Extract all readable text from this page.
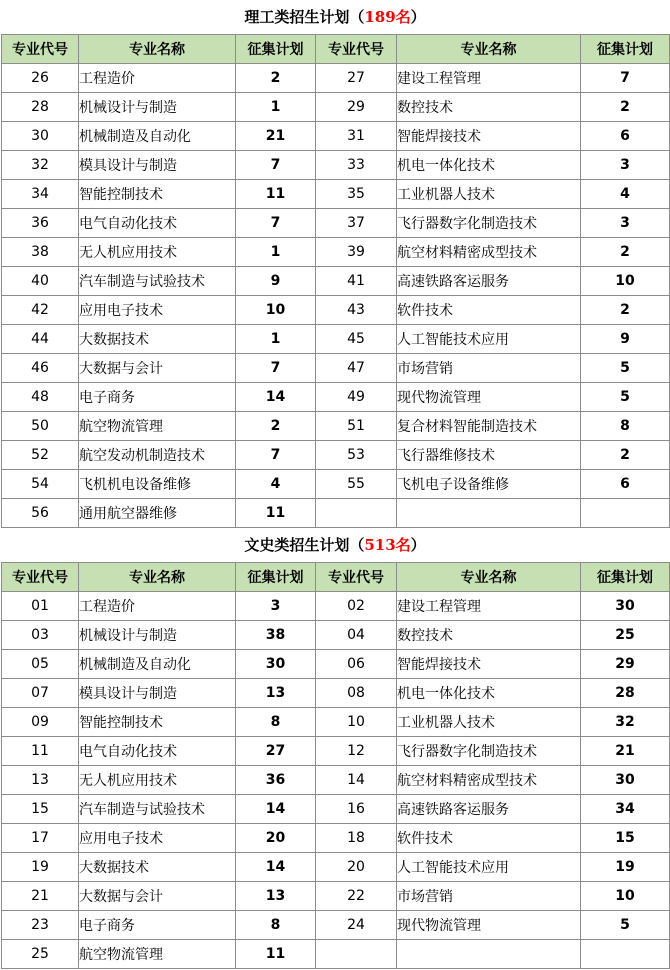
理工类招生计划（189名）
专业代号	专业名称	征集计划	专业代号	专业名称	征集计划
26	工程造价	2	27	建设工程管理	7
28	机械设计与制造	1	29	数控技术	2
30	机械制造及自动化	21	31	智能焊接技术	6
32	模具设计与制造	7	33	机电一体化技术	3
34	智能控制技术	11	35	工业机器人技术	4
36	电气自动化技术	7	37	飞行器数字化制造技术	3
38	无人机应用技术	1	39	航空材料精密成型技术	2
40	汽车制造与试验技术	9	41	高速铁路客运服务	10
42	应用电子技术	10	43	软件技术	2
44	大数据技术	1	45	人工智能技术应用	9
46	大数据与会计	7	47	市场营销	5
48	电子商务	14	49	现代物流管理	5
50	航空物流管理	2	51	复合材料智能制造技术	8
52	航空发动机制造技术	7	53	飞行器维修技术	2
54	飞机机电设备维修	4	55	飞机电子设备维修	6
56	通用航空器维修	11			
文史类招生计划（513名）
专业代号	专业名称	征集计划	专业代号	专业名称	征集计划
01	工程造价	3	02	建设工程管理	30
03	机械设计与制造	38	04	数控技术	25
05	机械制造及自动化	30	06	智能焊接技术	29
07	模具设计与制造	13	08	机电一体化技术	28
09	智能控制技术	8	10	工业机器人技术	32
11	电气自动化技术	27	12	飞行器数字化制造技术	21
13	无人机应用技术	36	14	航空材料精密成型技术	30
15	汽车制造与试验技术	14	16	高速铁路客运服务	34
17	应用电子技术	20	18	软件技术	15
19	大数据技术	14	20	人工智能技术应用	19
21	大数据与会计	13	22	市场营销	10
23	电子商务	8	24	现代物流管理	5
25	航空物流管理	11			
